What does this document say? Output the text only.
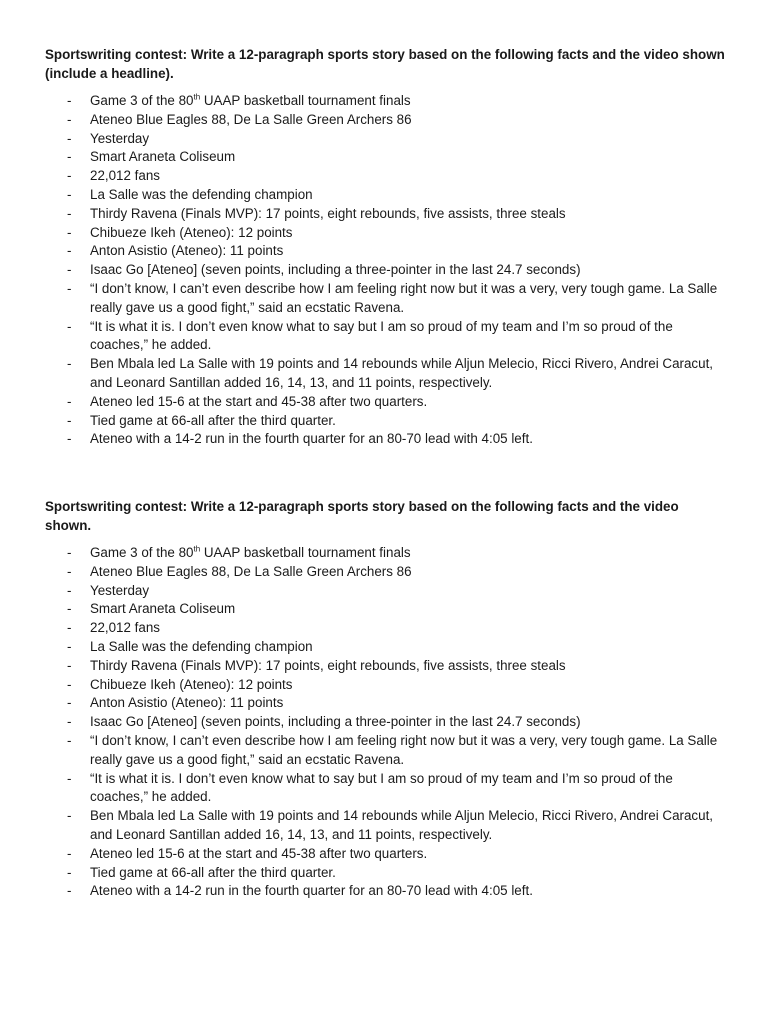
Sportswriting contest: Write a 12-paragraph sports story based on the following facts and the video shown (include a headline).

- Game 3 of the 80th UAAP basketball tournament finals
- Ateneo Blue Eagles 88, De La Salle Green Archers 86
- Yesterday
- Smart Araneta Coliseum
- 22,012 fans
- La Salle was the defending champion
- Thirdy Ravena (Finals MVP): 17 points, eight rebounds, five assists, three steals
- Chibueze Ikeh (Ateneo): 12 points
- Anton Asistio (Ateneo): 11 points
- Isaac Go [Ateneo] (seven points, including a three-pointer in the last 24.7 seconds)
- “I don’t know, I can’t even describe how I am feeling right now but it was a very, very tough game. La Salle really gave us a good fight,” said an ecstatic Ravena.
- “It is what it is. I don’t even know what to say but I am so proud of my team and I’m so proud of the coaches,” he added.
- Ben Mbala led La Salle with 19 points and 14 rebounds while Aljun Melecio, Ricci Rivero, Andrei Caracut, and Leonard Santillan added 16, 14, 13, and 11 points, respectively.
- Ateneo led 15-6 at the start and 45-38 after two quarters.
- Tied game at 66-all after the third quarter.
- Ateneo with a 14-2 run in the fourth quarter for an 80-70 lead with 4:05 left.

Sportswriting contest: Write a 12-paragraph sports story based on the following facts and the video shown.

- Game 3 of the 80th UAAP basketball tournament finals
- Ateneo Blue Eagles 88, De La Salle Green Archers 86
- Yesterday
- Smart Araneta Coliseum
- 22,012 fans
- La Salle was the defending champion
- Thirdy Ravena (Finals MVP): 17 points, eight rebounds, five assists, three steals
- Chibueze Ikeh (Ateneo): 12 points
- Anton Asistio (Ateneo): 11 points
- Isaac Go [Ateneo] (seven points, including a three-pointer in the last 24.7 seconds)
- “I don’t know, I can’t even describe how I am feeling right now but it was a very, very tough game. La Salle really gave us a good fight,” said an ecstatic Ravena.
- “It is what it is. I don’t even know what to say but I am so proud of my team and I’m so proud of the coaches,” he added.
- Ben Mbala led La Salle with 19 points and 14 rebounds while Aljun Melecio, Ricci Rivero, Andrei Caracut, and Leonard Santillan added 16, 14, 13, and 11 points, respectively.
- Ateneo led 15-6 at the start and 45-38 after two quarters.
- Tied game at 66-all after the third quarter.
- Ateneo with a 14-2 run in the fourth quarter for an 80-70 lead with 4:05 left.
